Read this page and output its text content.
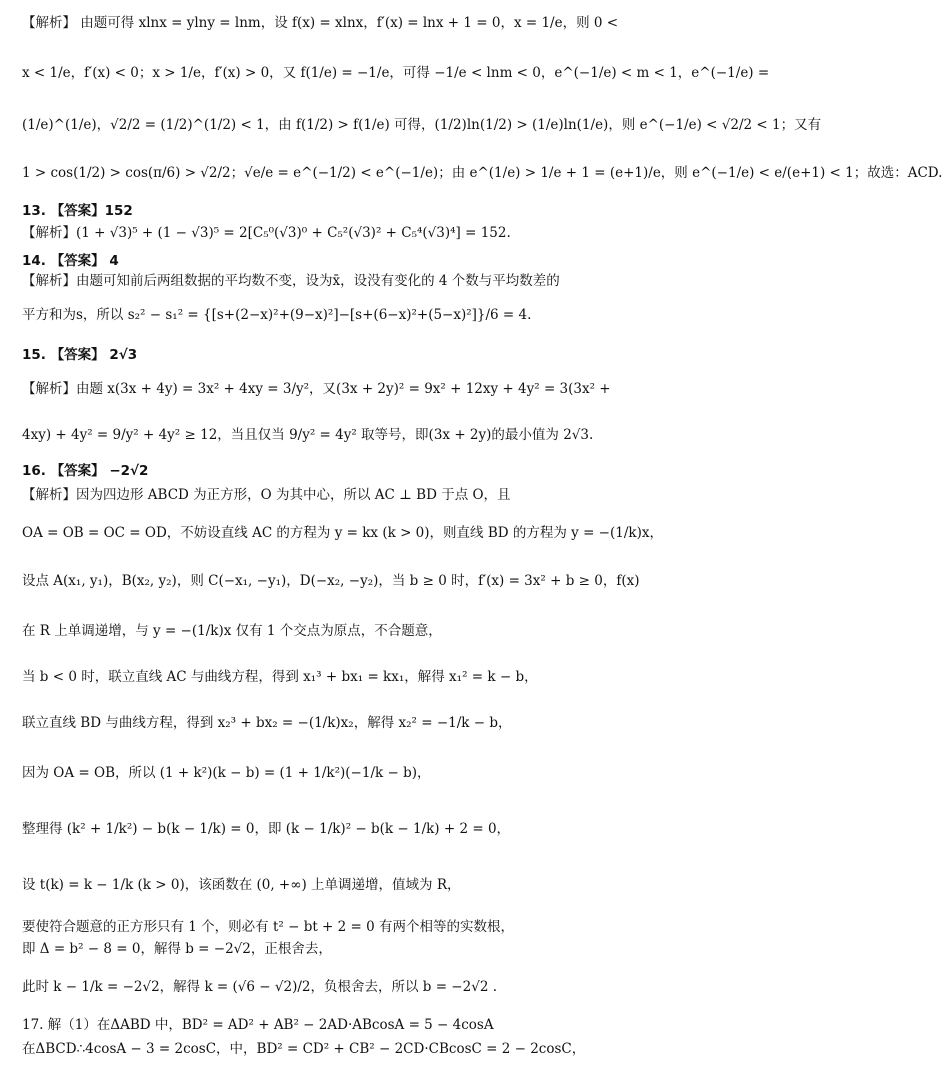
【解析】 由题可得 xlnx = ylny = lnm，设 f(x) = xlnx，f′(x) = lnx + 1 = 0，x = 1/e，则 0 <
x < 1/e，f′(x) < 0；x > 1/e，f′(x) > 0，又 f(1/e) = −1/e，可得 −1/e < lnm < 0，e^(−1/e) < m < 1，e^(−1/e) =
(1/e)^(1/e)，√2/2 = (1/2)^(1/2) < 1，由 f(1/2) > f(1/e) 可得，(1/2)ln(1/2) > (1/e)ln(1/e)，则 e^(−1/e) < √2/2 < 1；又有
1 > cos(1/2) > cos(π/6) > √2/2；√e/e = e^(−1/2) < e^(−1/e)；由 e^(1/e) > 1/e + 1 = (e+1)/e，则 e^(−1/e) < e/(e+1) < 1；故选：ACD.
13. 【答案】152
【解析】(1 + √3)⁵ + (1 − √3)⁵ = 2[C₅⁰(√3)⁰ + C₅²(√3)² + C₅⁴(√3)⁴] = 152.
14. 【答案】 4
【解析】由题可知前后两组数据的平均数不变，设为x̄，设没有变化的 4 个数与平均数差的
平方和为s，所以 s₂² − s₁² = {[s+(2−x)²+(9−x)²]−[s+(6−x)²+(5−x)²]}/6 = 4.
15. 【答案】 2√3
【解析】由题 x(3x + 4y) = 3x² + 4xy = 3/y²，又(3x + 2y)² = 9x² + 12xy + 4y² = 3(3x² +
4xy) + 4y² = 9/y² + 4y² ≥ 12，当且仅当 9/y² = 4y² 取等号，即(3x + 2y)的最小值为 2√3.
16. 【答案】 −2√2
【解析】因为四边形 ABCD 为正方形，O 为其中心，所以 AC ⊥ BD 于点 O，且
OA = OB = OC = OD，不妨设直线 AC 的方程为 y = kx (k > 0)，则直线 BD 的方程为 y = −(1/k)x，
设点 A(x₁, y₁)，B(x₂, y₂)，则 C(−x₁, −y₁)，D(−x₂, −y₂)，当 b ≥ 0 时，f′(x) = 3x² + b ≥ 0，f(x)
在 R 上单调递增，与 y = −(1/k)x 仅有 1 个交点为原点，不合题意，
当 b < 0 时，联立直线 AC 与曲线方程，得到 x₁³ + bx₁ = kx₁，解得 x₁² = k − b，
联立直线 BD 与曲线方程，得到 x₂³ + bx₂ = −(1/k)x₂，解得 x₂² = −1/k − b，
因为 OA = OB，所以 (1 + k²)(k − b) = (1 + 1/k²)(−1/k − b)，
整理得 (k² + 1/k²) − b(k − 1/k) = 0，即 (k − 1/k)² − b(k − 1/k) + 2 = 0，
设 t(k) = k − 1/k (k > 0)，该函数在 (0, +∞) 上单调递增，值域为 R，
要使符合题意的正方形只有 1 个，则必有 t² − bt + 2 = 0 有两个相等的实数根，
即 Δ = b² − 8 = 0，解得 b = −2√2，正根舍去，
此时 k − 1/k = −2√2，解得 k = (√6 − √2)/2，负根舍去，所以 b = −2√2 .
17. 解（1）在ΔABD 中，BD² = AD² + AB² − 2AD·ABcosA = 5 − 4cosA
在ΔBCD∴4cosA − 3 = 2cosC，中，BD² = CD² + CB² − 2CD·CBcosC = 2 − 2cosC，
